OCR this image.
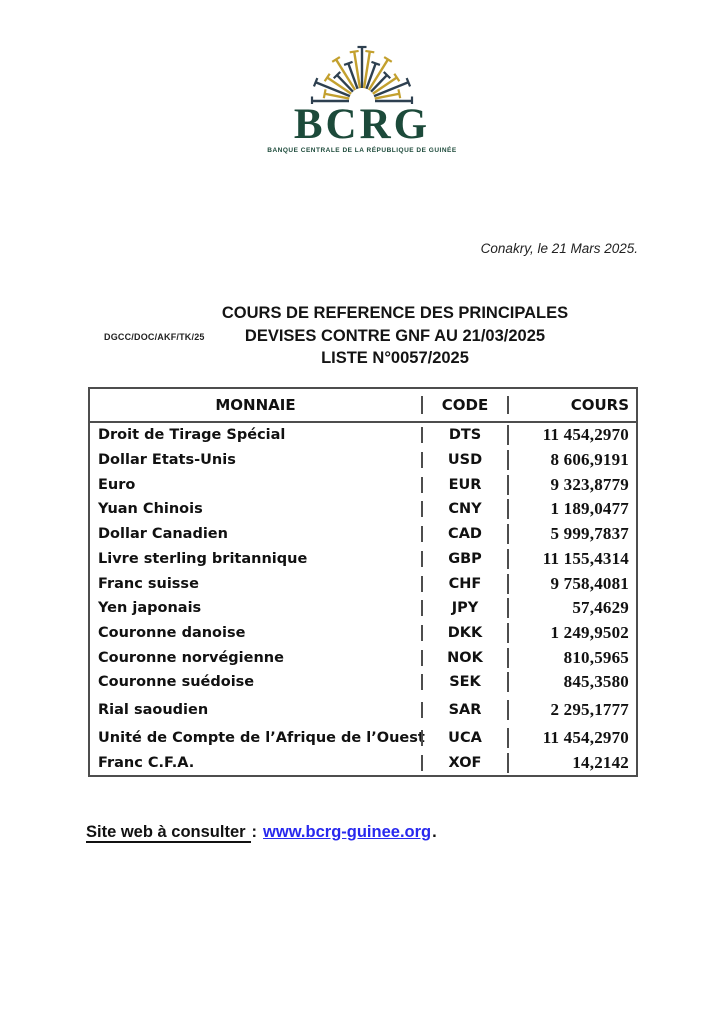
BCRG
BANQUE CENTRALE DE LA RÉPUBLIQUE DE GUINÉE
Conakry, le 21 Mars 2025.
DGCC/DOC/AKF/TK/25
COURS DE REFERENCE DES PRINCIPALES
DEVISES CONTRE GNF AU 21/03/2025
LISTE N°0057/2025
MONNAIE	CODE	COURS
Droit de Tirage Spécial	DTS	11 454,2970
Dollar Etats-Unis	USD	8 606,9191
Euro	EUR	9 323,8779
Yuan Chinois	CNY	1 189,0477
Dollar Canadien	CAD	5 999,7837
Livre sterling britannique	GBP	11 155,4314
Franc suisse	CHF	9 758,4081
Yen japonais	JPY	57,4629
Couronne danoise	DKK	1 249,9502
Couronne norvégienne	NOK	810,5965
Couronne suédoise	SEK	845,3580
Rial saoudien	SAR	2 295,1777
Unité de Compte de l’Afrique de l’Ouest	UCA	11 454,2970
Franc C.F.A.	XOF	14,2142
Site web à consulter : www.bcrg-guinee.org.
